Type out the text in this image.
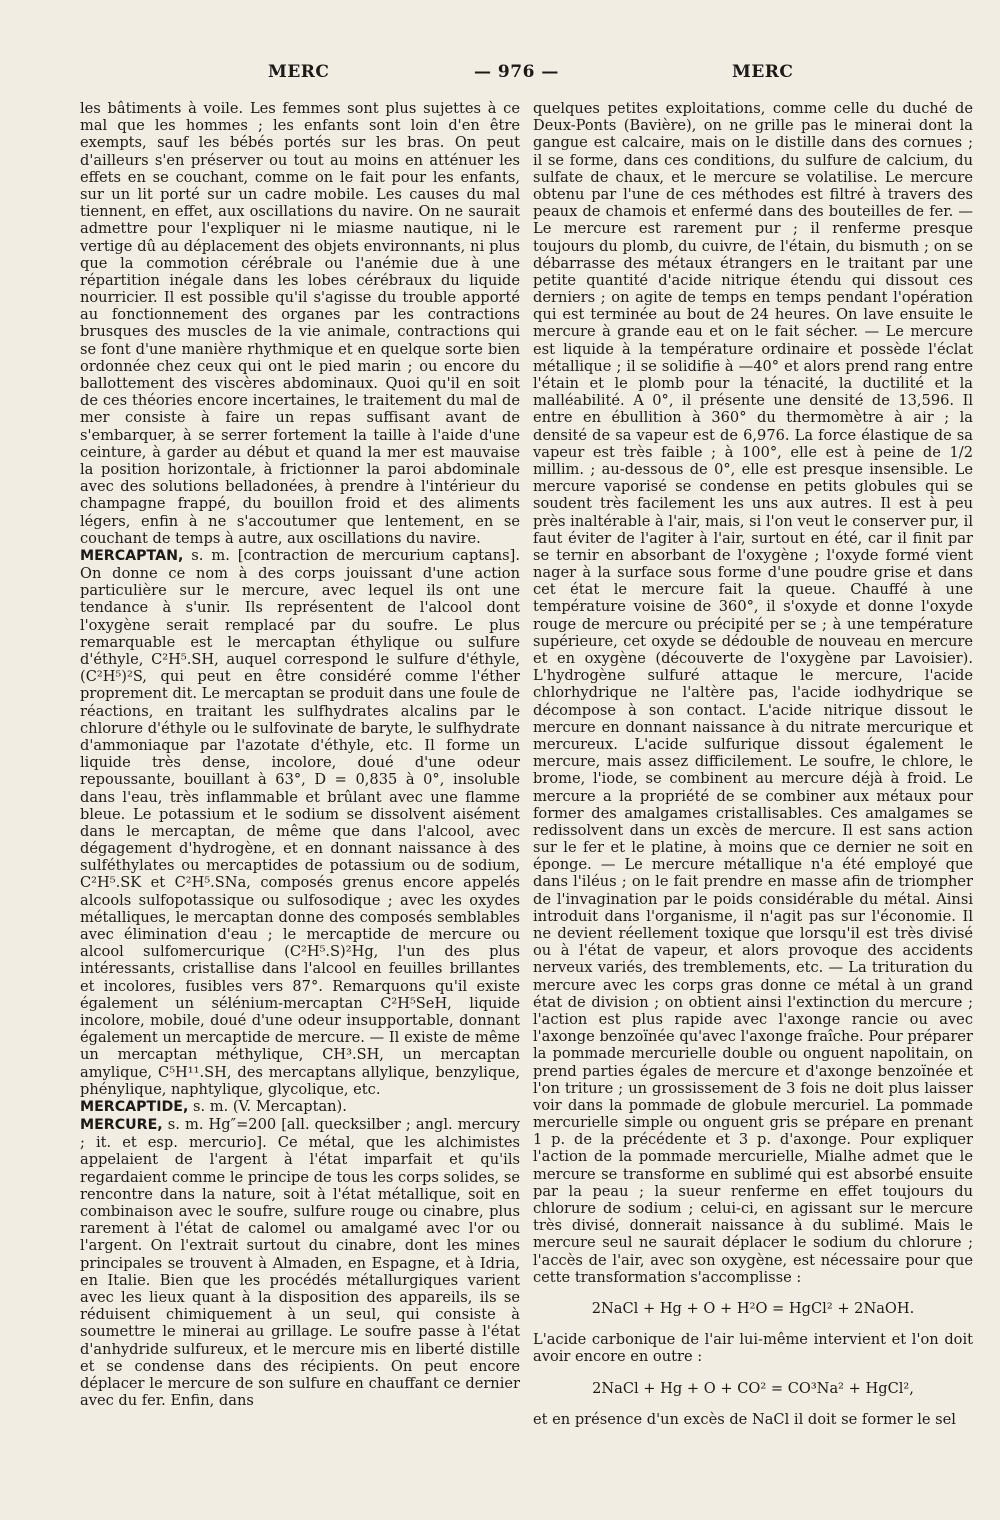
MERC	— 976 —	MERC

les bâtiments à voile. Les femmes sont plus sujettes à ce mal que les hommes ; les enfants sont loin d'en être exempts, sauf les bébés portés sur les bras. On peut d'ailleurs s'en préserver ou tout au moins en atténuer les effets en se couchant, comme on le fait pour les enfants, sur un lit porté sur un cadre mobile. Les causes du mal tiennent, en effet, aux oscillations du navire. On ne saurait admettre pour l'expliquer ni le miasme nautique, ni le vertige dû au déplacement des objets environnants, ni plus que la commotion cérébrale ou l'anémie due à une répartition inégale dans les lobes cérébraux du liquide nourricier. Il est possible qu'il s'agisse du trouble apporté au fonctionnement des organes par les contractions brusques des muscles de la vie animale, contractions qui se font d'une manière rhythmique et en quelque sorte bien ordonnée chez ceux qui ont le pied marin ; ou encore du ballottement des viscères abdominaux. Quoi qu'il en soit de ces théories encore incertaines, le traitement du mal de mer consiste à faire un repas suffisant avant de s'embarquer, à se serrer fortement la taille à l'aide d'une ceinture, à garder au début et quand la mer est mauvaise la position horizontale, à frictionner la paroi abdominale avec des solutions belladonées, à prendre à l'intérieur du champagne frappé, du bouillon froid et des aliments légers, enfin à ne s'accoutumer que lentement, en se couchant de temps à autre, aux oscillations du navire.

MERCAPTAN, s. m. [contraction de mercurium captans]. On donne ce nom à des corps jouissant d'une action particulière sur le mercure, avec lequel ils ont une tendance à s'unir. Ils représentent de l'alcool dont l'oxygène serait remplacé par du soufre. Le plus remarquable est le mercaptan éthylique ou sulfure d'éthyle, C²H⁵.SH, auquel correspond le sulfure d'éthyle, (C²H⁵)²S, qui peut en être considéré comme l'éther proprement dit. Le mercaptan se produit dans une foule de réactions, en traitant les sulfhydrates alcalins par le chlorure d'éthyle ou le sulfovinate de baryte, le sulfhydrate d'ammoniaque par l'azotate d'éthyle, etc. Il forme un liquide très dense, incolore, doué d'une odeur repoussante, bouillant à 63°, D = 0,835 à 0°, insoluble dans l'eau, très inflammable et brûlant avec une flamme bleue. Le potassium et le sodium se dissolvent aisément dans le mercaptan, de même que dans l'alcool, avec dégagement d'hydrogène, et en donnant naissance à des sulféthylates ou mercaptides de potassium ou de sodium, C²H⁵.SK et C²H⁵.SNa, composés grenus encore appelés alcools sulfopotassique ou sulfosodique ; avec les oxydes métalliques, le mercaptan donne des composés semblables avec élimination d'eau ; le mercaptide de mercure ou alcool sulfomercurique (C²H⁵.S)²Hg, l'un des plus intéressants, cristallise dans l'alcool en feuilles brillantes et incolores, fusibles vers 87°. Remarquons qu'il existe également un sélénium-mercaptan C²H⁵SeH, liquide incolore, mobile, doué d'une odeur insupportable, donnant également un mercaptide de mercure. — Il existe de même un mercaptan méthylique, CH³.SH, un mercaptan amylique, C⁵H¹¹.SH, des mercaptans allylique, benzylique, phénylique, naphtylique, glycolique, etc.

MERCAPTIDE, s. m. (V. Mercaptan).

MERCURE, s. m. Hg″=200 [all. quecksilber ; angl. mercury ; it. et esp. mercurio]. Ce métal, que les alchimistes appelaient de l'argent à l'état imparfait et qu'ils regardaient comme le principe de tous les corps solides, se rencontre dans la nature, soit à l'état métallique, soit en combinaison avec le soufre, sulfure rouge ou cinabre, plus rarement à l'état de calomel ou amalgamé avec l'or ou l'argent. On l'extrait surtout du cinabre, dont les mines principales se trouvent à Almaden, en Espagne, et à Idria, en Italie. Bien que les procédés métallurgiques varient avec les lieux quant à la disposition des appareils, ils se réduisent chimiquement à un seul, qui consiste à soumettre le minerai au grillage. Le soufre passe à l'état d'anhydride sulfureux, et le mercure mis en liberté distille et se condense dans des récipients. On peut encore déplacer le mercure de son sulfure en chauffant ce dernier avec du fer. Enfin, dans

quelques petites exploitations, comme celle du duché de Deux-Ponts (Bavière), on ne grille pas le minerai dont la gangue est calcaire, mais on le distille dans des cornues ; il se forme, dans ces conditions, du sulfure de calcium, du sulfate de chaux, et le mercure se volatilise. Le mercure obtenu par l'une de ces méthodes est filtré à travers des peaux de chamois et enfermé dans des bouteilles de fer. — Le mercure est rarement pur ; il renferme presque toujours du plomb, du cuivre, de l'étain, du bismuth ; on se débarrasse des métaux étrangers en le traitant par une petite quantité d'acide nitrique étendu qui dissout ces derniers ; on agite de temps en temps pendant l'opération qui est terminée au bout de 24 heures. On lave ensuite le mercure à grande eau et on le fait sécher. — Le mercure est liquide à la température ordinaire et possède l'éclat métallique ; il se solidifie à —40° et alors prend rang entre l'étain et le plomb pour la ténacité, la ductilité et la malléabilité. A 0°, il présente une densité de 13,596. Il entre en ébullition à 360° du thermomètre à air ; la densité de sa vapeur est de 6,976. La force élastique de sa vapeur est très faible ; à 100°, elle est à peine de 1/2 millim. ; au-dessous de 0°, elle est presque insensible. Le mercure vaporisé se condense en petits globules qui se soudent très facilement les uns aux autres. Il est à peu près inaltérable à l'air, mais, si l'on veut le conserver pur, il faut éviter de l'agiter à l'air, surtout en été, car il finit par se ternir en absorbant de l'oxygène ; l'oxyde formé vient nager à la surface sous forme d'une poudre grise et dans cet état le mercure fait la queue. Chauffé à une température voisine de 360°, il s'oxyde et donne l'oxyde rouge de mercure ou précipité per se ; à une température supérieure, cet oxyde se dédouble de nouveau en mercure et en oxygène (découverte de l'oxygène par Lavoisier). L'hydrogène sulfuré attaque le mercure, l'acide chlorhydrique ne l'altère pas, l'acide iodhydrique se décompose à son contact. L'acide nitrique dissout le mercure en donnant naissance à du nitrate mercurique et mercureux. L'acide sulfurique dissout également le mercure, mais assez difficilement. Le soufre, le chlore, le brome, l'iode, se combinent au mercure déjà à froid. Le mercure a la propriété de se combiner aux métaux pour former des amalgames cristallisables. Ces amalgames se redissolvent dans un excès de mercure. Il est sans action sur le fer et le platine, à moins que ce dernier ne soit en éponge. — Le mercure métallique n'a été employé que dans l'iléus ; on le fait prendre en masse afin de triompher de l'invagination par le poids considérable du métal. Ainsi introduit dans l'organisme, il n'agit pas sur l'économie. Il ne devient réellement toxique que lorsqu'il est très divisé ou à l'état de vapeur, et alors provoque des accidents nerveux variés, des tremblements, etc. — La trituration du mercure avec les corps gras donne ce métal à un grand état de division ; on obtient ainsi l'extinction du mercure ; l'action est plus rapide avec l'axonge rancie ou avec l'axonge benzoïnée qu'avec l'axonge fraîche. Pour préparer la pommade mercurielle double ou onguent napolitain, on prend parties égales de mercure et d'axonge benzoïnée et l'on triture ; un grossissement de 3 fois ne doit plus laisser voir dans la pommade de globule mercuriel. La pommade mercurielle simple ou onguent gris se prépare en prenant 1 p. de la précédente et 3 p. d'axonge. Pour expliquer l'action de la pommade mercurielle, Mialhe admet que le mercure se transforme en sublimé qui est absorbé ensuite par la peau ; la sueur renferme en effet toujours du chlorure de sodium ; celui-ci, en agissant sur le mercure très divisé, donnerait naissance à du sublimé. Mais le mercure seul ne saurait déplacer le sodium du chlorure ; l'accès de l'air, avec son oxygène, est nécessaire pour que cette transformation s'accomplisse :

2NaCl + Hg + O + H²O = HgCl² + 2NaOH.

L'acide carbonique de l'air lui-même intervient et l'on doit avoir encore en outre :

2NaCl + Hg + O + CO² = CO³Na² + HgCl²,

et en présence d'un excès de NaCl il doit se former le sel
